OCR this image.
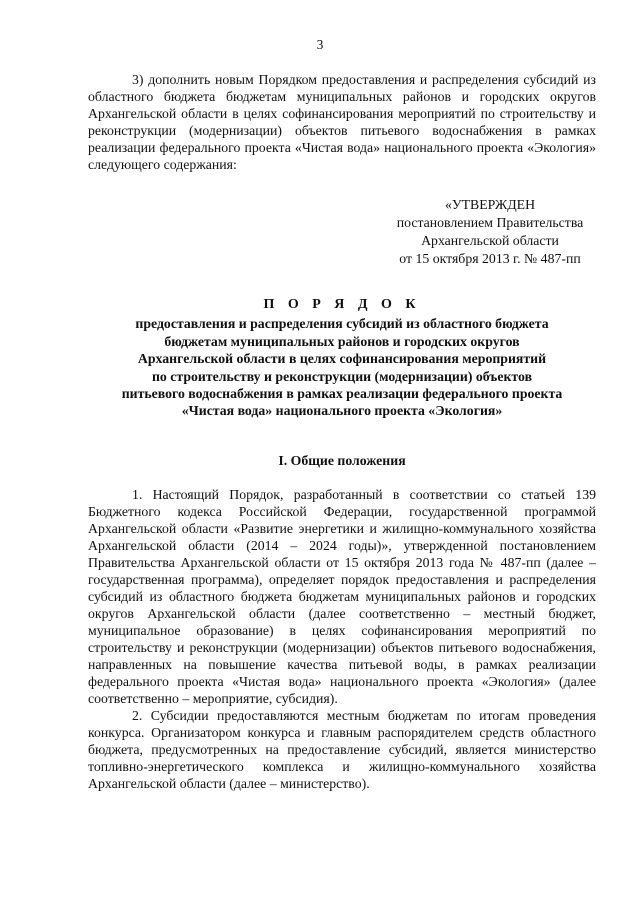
3

3) дополнить новым Порядком предоставления и распределения субсидий из областного бюджета бюджетам муниципальных районов и городских округов Архангельской области в целях софинансирования мероприятий по строительству и реконструкции (модернизации) объектов питьевого водоснабжения в рамках реализации федерального проекта «Чистая вода» национального проекта «Экология» следующего содержания:

«УТВЕРЖДЕН
постановлением Правительства
Архангельской области
от 15 октября 2013 г. № 487-пп
П О Р Я Д О К
предоставления и распределения субсидий из областного бюджета
бюджетам муниципальных районов и городских округов
Архангельской области в целях софинансирования мероприятий
по строительству и реконструкции (модернизации) объектов
питьевого водоснабжения в рамках реализации федерального проекта
«Чистая вода» национального проекта «Экология»
I. Общие положения

1. Настоящий Порядок, разработанный в соответствии со статьей 139 Бюджетного кодекса Российской Федерации, государственной программой Архангельской области «Развитие энергетики и жилищно-коммунального хозяйства Архангельской области (2014 – 2024 годы)», утвержденной постановлением Правительства Архангельской области от 15 октября 2013 года № 487-пп (далее – государственная программа), определяет порядок предоставления и распределения субсидий из областного бюджета бюджетам муниципальных районов и городских округов Архангельской области (далее соответственно – местный бюджет, муниципальное образование) в целях софинансирования мероприятий по строительству и реконструкции (модернизации) объектов питьевого водоснабжения, направленных на повышение качества питьевой воды, в рамках реализации федерального проекта «Чистая вода» национального проекта «Экология» (далее соответственно – мероприятие, субсидия).

2. Субсидии предоставляются местным бюджетам по итогам проведения конкурса. Организатором конкурса и главным распорядителем средств областного бюджета, предусмотренных на предоставление субсидий, является министерство топливно-энергетического комплекса и жилищно-коммунального хозяйства Архангельской области (далее – министерство).
